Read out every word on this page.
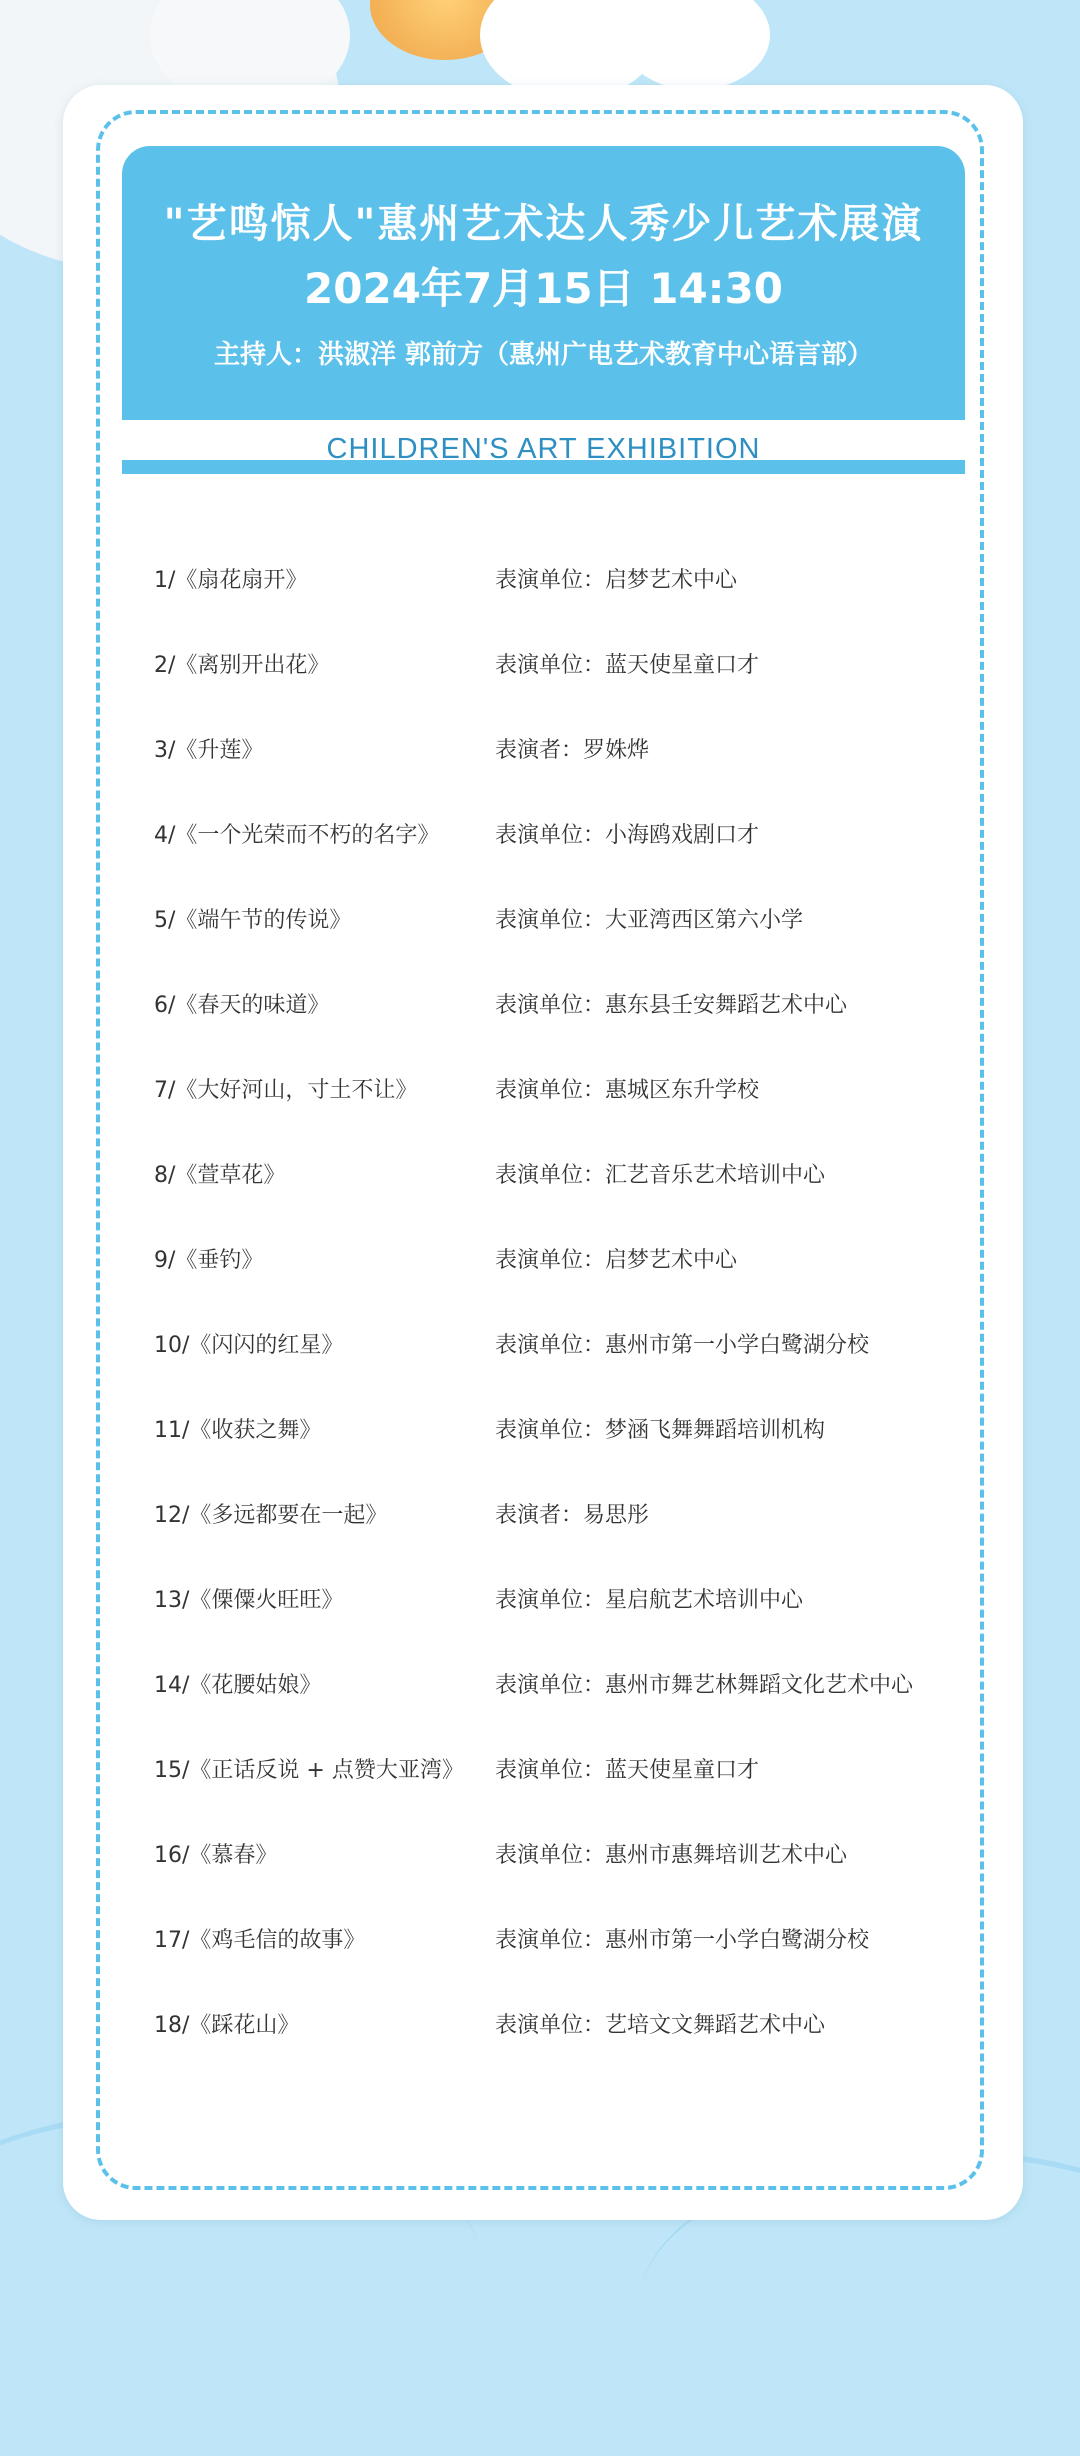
"艺鸣惊人"惠州艺术达人秀少儿艺术展演
2024年7月15日 14:30
主持人：洪淑洋 郭前方（惠州广电艺术教育中心语言部）
CHILDREN'S ART EXHIBITION
1/《扇花扇开》	表演单位：启梦艺术中心
2/《离别开出花》	表演单位：蓝天使星童口才
3/《升莲》	表演者：罗姝烨
4/《一个光荣而不朽的名字》	表演单位：小海鸥戏剧口才
5/《端午节的传说》	表演单位：大亚湾西区第六小学
6/《春天的味道》	表演单位：惠东县壬安舞蹈艺术中心
7/《大好河山，寸土不让》	表演单位：惠城区东升学校
8/《萱草花》	表演单位：汇艺音乐艺术培训中心
9/《垂钓》	表演单位：启梦艺术中心
10/《闪闪的红星》	表演单位：惠州市第一小学白鹭湖分校
11/《收获之舞》	表演单位：梦涵飞舞舞蹈培训机构
12/《多远都要在一起》	表演者：易思彤
13/《傈僳火旺旺》	表演单位：星启航艺术培训中心
14/《花腰姑娘》	表演单位：惠州市舞艺林舞蹈文化艺术中心
15/《正话反说 + 点赞大亚湾》 表演单位：蓝天使星童口才
16/《慕春》	表演单位：惠州市惠舞培训艺术中心
17/《鸡毛信的故事》	表演单位：惠州市第一小学白鹭湖分校
18/《踩花山》	表演单位：艺培文文舞蹈艺术中心
